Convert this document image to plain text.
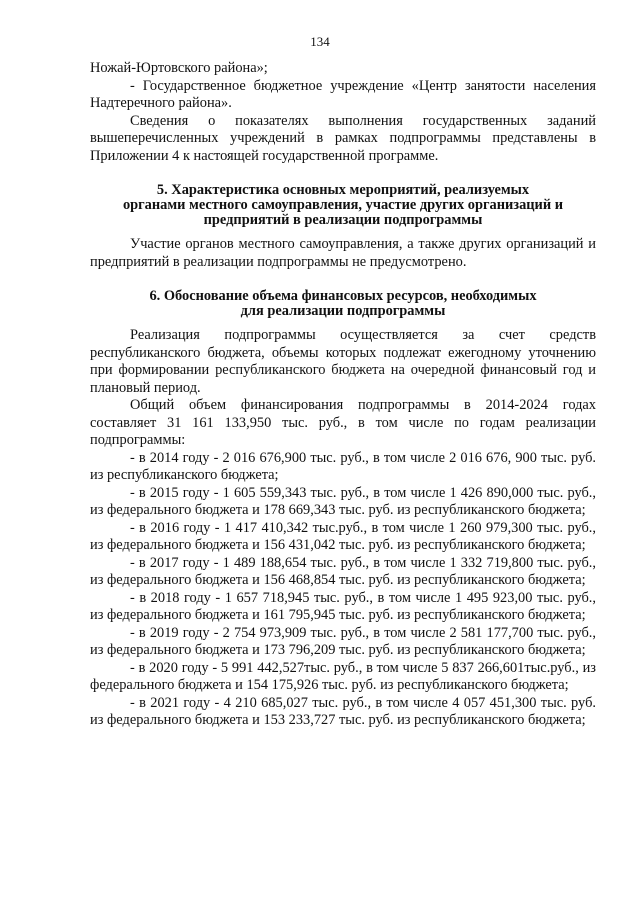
134

Ножай-Юртовского района»;

- Государственное бюджетное учреждение «Центр занятости населения Надтеречного района».

Сведения о показателях выполнения государственных заданий вышеперечисленных учреждений в рамках подпрограммы представлены в Приложении 4 к настоящей государственной программе.

5. Характеристика основных мероприятий, реализуемых

органами местного самоуправления, участие других организаций и

предприятий в реализации подпрограммы

Участие органов местного самоуправления, а также других организаций и предприятий в реализации подпрограммы не предусмотрено.

6. Обоснование объема финансовых ресурсов, необходимых

для реализации подпрограммы

Реализация подпрограммы осуществляется за счет средств республиканского бюджета, объемы которых подлежат ежегодному уточнению при формировании республиканского бюджета на очередной финансовый год и плановый период.

Общий объем финансирования подпрограммы в 2014-2024 годах составляет 31 161 133,950 тыс. руб., в том числе по годам реализации подпрограммы:

- в 2014 году - 2 016 676,900 тыс. руб., в том числе 2 016 676, 900 тыс. руб. из республиканского бюджета;

- в 2015 году - 1 605 559,343 тыс. руб., в том числе 1 426 890,000 тыс. руб., из федерального бюджета и 178 669,343 тыс. руб. из республиканского бюджета;

- в 2016 году - 1 417 410,342 тыс.руб., в том числе 1 260 979,300 тыс. руб., из федерального бюджета и 156 431,042 тыс. руб. из республиканского бюджета;

- в 2017 году - 1 489 188,654 тыс. руб., в том числе 1 332 719,800 тыс. руб., из федерального бюджета и 156 468,854 тыс. руб. из республиканского бюджета;

- в 2018 году - 1 657 718,945 тыс. руб., в том числе 1 495 923,00 тыс. руб., из федерального бюджета и 161 795,945 тыс. руб. из республиканского бюджета;

- в 2019 году - 2 754 973,909 тыс. руб., в том числе 2 581 177,700 тыс. руб., из федерального бюджета и 173 796,209 тыс. руб. из республиканского бюджета;

- в 2020 году - 5 991 442,527тыс. руб., в том числе 5 837 266,601тыс.руб., из федерального бюджета и 154 175,926 тыс. руб. из республиканского бюджета;

- в 2021 году - 4 210 685,027 тыс. руб., в том числе 4 057 451,300 тыс. руб. из федерального бюджета и 153 233,727 тыс. руб. из республиканского бюджета;
